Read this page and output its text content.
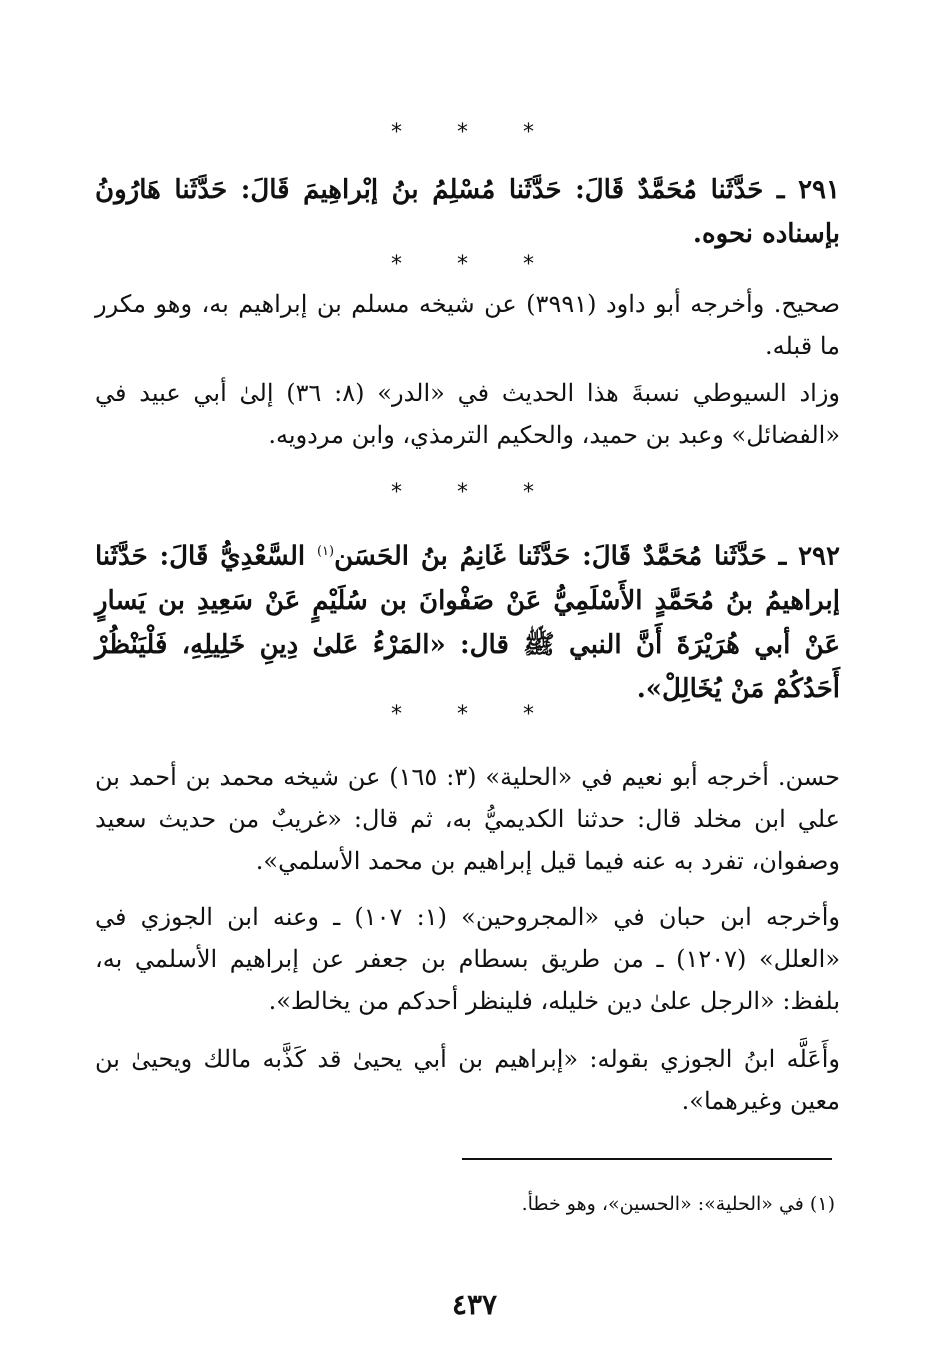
* * *
٢٩١ ـ حَدَّثَنا مُحَمَّدٌ قَالَ: حَدَّثَنا مُسْلِمُ بنُ إبْراهِيمَ قَالَ: حَدَّثَنا هَارُونُ بإسناده نحوه.
* * *
صحيح. وأخرجه أبو داود (٣٩٩١) عن شيخه مسلم بن إبراهيم به، وهو مكرر ما قبله.
وزاد السيوطي نسبةَ هذا الحديث في «الدر» (٨: ٣٦) إلىٰ أبي عبيد في «الفضائل» وعبد بن حميد، والحكيم الترمذي، وابن مردويه.
* * *
٢٩٢ ـ حَدَّثَنا مُحَمَّدٌ قَالَ: حَدَّثَنا غَانِمُ بنُ الحَسَن$^{(١)}$ السَّعْدِيُّ قَالَ: حَدَّثَنا إبراهيمُ بنُ مُحَمَّدٍ الأَسْلَمِيُّ عَنْ صَفْوانَ بن سُلَيْمٍ عَنْ سَعِيدِ بن يَسارٍ عَنْ أبي هُرَيْرَةَ أَنَّ النبي ﷺ قال: «المَرْءُ عَلىٰ دِينِ خَلِيلِهِ، فَلْيَنْظُرْ أَحَدُكُمْ مَنْ يُخَالِلْ».
* * *
حسن. أخرجه أبو نعيم في «الحلية» (٣: ١٦٥) عن شيخه محمد بن أحمد بن علي ابن مخلد قال: حدثنا الكديميُّ به، ثم قال: «غريبٌ من حديث سعيد وصفوان، تفرد به عنه فيما قيل إبراهيم بن محمد الأسلمي».
وأخرجه ابن حبان في «المجروحين» (١: ١٠٧) ـ وعنه ابن الجوزي في «العلل» (١٢٠٧) ـ من طريق بسطام بن جعفر عن إبراهيم الأسلمي به، بلفظ: «الرجل علىٰ دين خليله، فلينظر أحدكم من يخالط».
وأَعَلَّه ابنُ الجوزي بقوله: «إبراهيم بن أبي يحيىٰ قد كَذَّبه مالك ويحيىٰ بن معين وغيرهما».
(١) في «الحلية»: «الحسين»، وهو خطأ.
٤٣٧
